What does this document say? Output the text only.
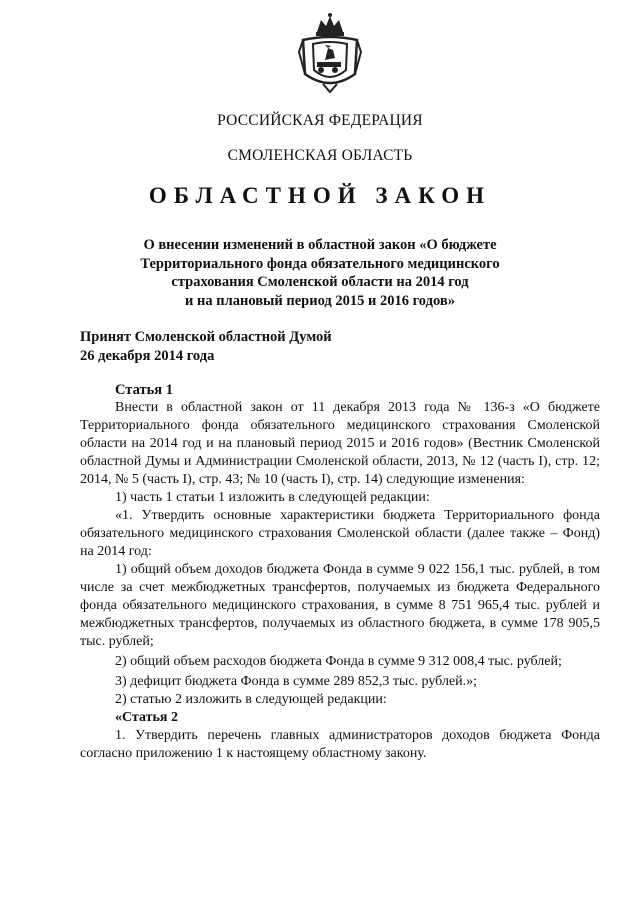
РОССИЙСКАЯ ФЕДЕРАЦИЯ
СМОЛЕНСКАЯ ОБЛАСТЬ
ОБЛАСТНОЙ ЗАКОН
О внесении изменений в областной закон «О бюджете
Территориального фонда обязательного медицинского
страхования Смоленской области на 2014 год
и на плановый период 2015 и 2016 годов»
Принят Смоленской областной Думой
26 декабря 2014 года
Статья 1

Внести в областной закон от 11 декабря 2013 года № 136-з «О бюджете Территориального фонда обязательного медицинского страхования Смоленской области на 2014 год и на плановый период 2015 и 2016 годов» (Вестник Смоленской областной Думы и Администрации Смоленской области, 2013, № 12 (часть I), стр. 12; 2014, № 5 (часть I), стр. 43; № 10 (часть I), стр. 14) следующие изменения:

1) часть 1 статьи 1 изложить в следующей редакции:

«1. Утвердить основные характеристики бюджета Территориального фонда обязательного медицинского страхования Смоленской области (далее также – Фонд) на 2014 год:

1) общий объем доходов бюджета Фонда в сумме 9 022 156,1 тыс. рублей, в том числе за счет межбюджетных трансфертов, получаемых из бюджета Федерального фонда обязательного медицинского страхования, в сумме 8 751 965,4 тыс. рублей и межбюджетных трансфертов, получаемых из областного бюджета, в сумме 178 905,5 тыс. рублей;

2) общий объем расходов бюджета Фонда в сумме 9 312 008,4 тыс. рублей;

3) дефицит бюджета Фонда в сумме 289 852,3 тыс. рублей.»;

2) статью 2 изложить в следующей редакции:

«Статья 2

1. Утвердить перечень главных администраторов доходов бюджета Фонда согласно приложению 1 к настоящему областному закону.
